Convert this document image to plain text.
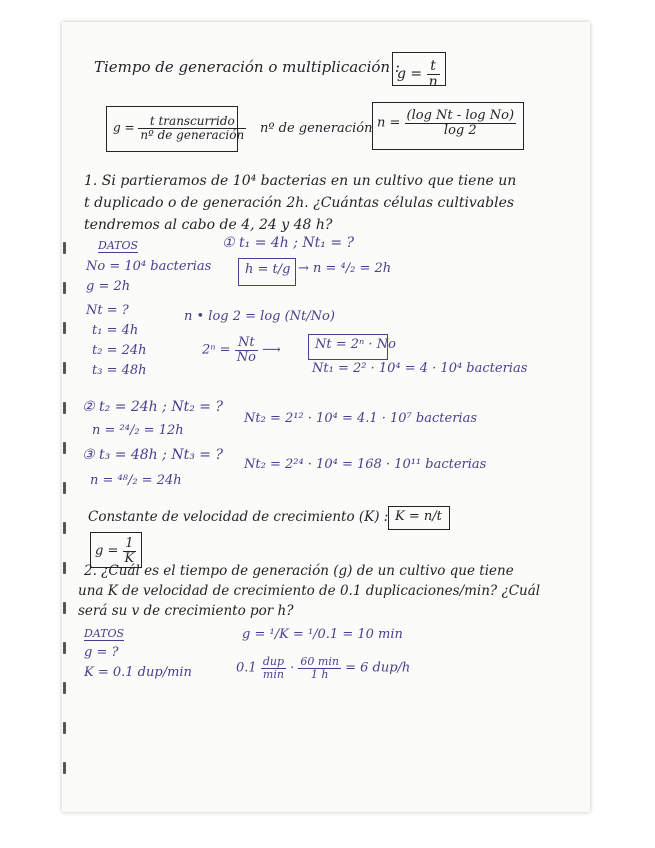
Tiempo de generación o multiplicación :
$g = \frac{t}{n}$
$g = \frac{\text{t transcurrido}}{\text{nº de generación}}$ nº de generación $n = \frac{\text{(log Nt - log No)}}{\log 2}$
1. Si partieramos de 10⁴ bacterias en un cultivo que tiene un
t duplicado o de generación 2h. ¿Cuántas células cultivables
tendremos al cabo de 4, 24 y 48 h?
DATOS
No = 10⁴ bacterias
g = 2h
Nt = ?
t₁ = 4h
t₂ = 24h
t₃ = 48h
① t₁ = 4h ; Nt₁ = ?
h = t/g → n = ⁴/₂ = 2h
n • log 2 = log (Nt/No)
$2^n = \frac{Nt}{No}$ ⟶	Nt = 2ⁿ · No
Nt₁ = 2² · 10⁴ = 4 · 10⁴ bacterias
② t₂ = 24h ; Nt₂ = ?
n = ²⁴/₂ = 12h
Nt₂ = 2¹² · 10⁴ = 4.1 · 10⁷ bacterias
③ t₃ = 48h ; Nt₃ = ?
n = ⁴⁸/₂ = 24h
Nt₂ = 2²⁴ · 10⁴ = 168 · 10¹¹ bacterias
Constante de velocidad de crecimiento (K) : K = n/t
$g = \frac{1}{K}$
2. ¿Cuál es el tiempo de generación (g) de un cultivo que tiene
una K de velocidad de crecimiento de 0.1 duplicaciones/min? ¿Cuál
será su v de crecimiento por h?
DATOS
g = ?
K = 0.1 dup/min
g = ¹/K = ¹/0.1 = 10 min
$0.1 \frac{\text{dup}}{\min} \cdot \frac{60 \min}{1 h} = 6$ dup/h
